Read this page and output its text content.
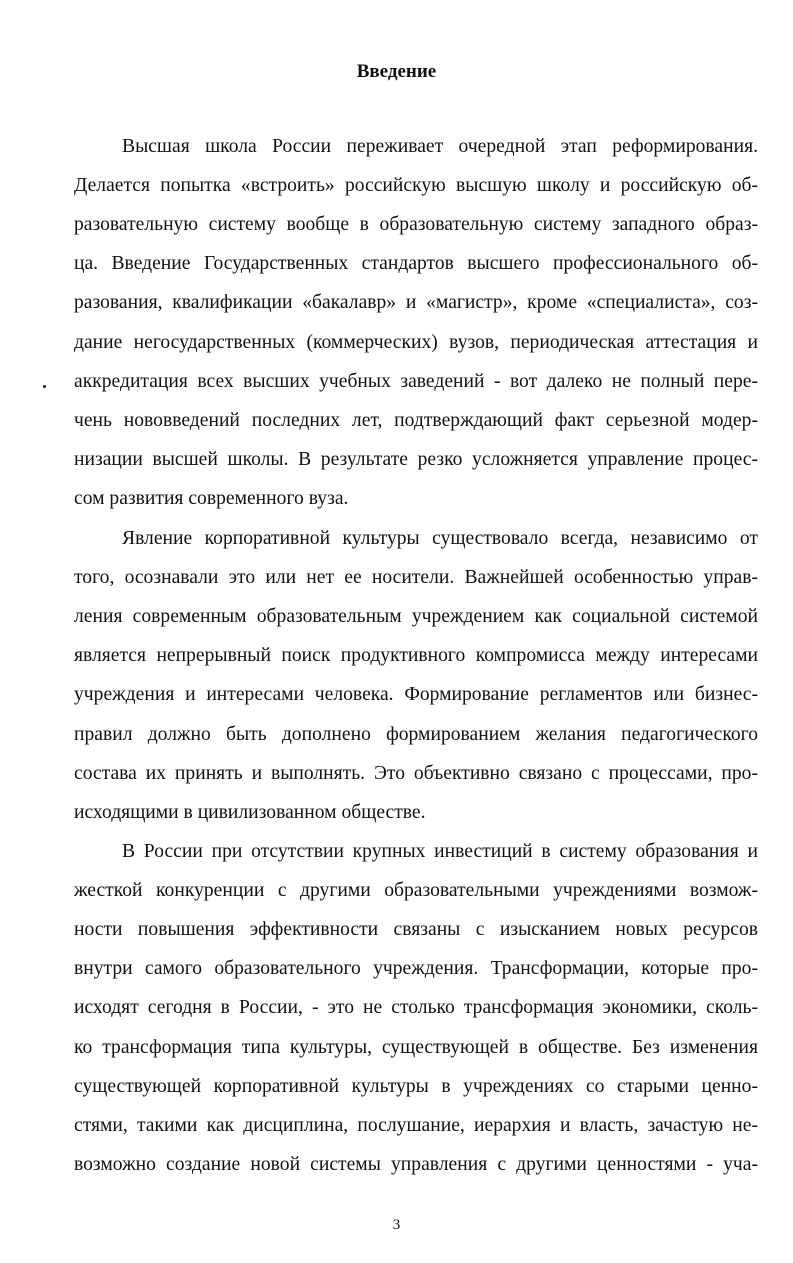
Введение
Высшая школа России переживает очередной этап реформирования.
Делается попытка «встроить» российскую высшую школу и российскую об-
разовательную систему вообще в образовательную систему западного образ-
ца. Введение Государственных стандартов высшего профессионального об-
разования, квалификации «бакалавр» и «магистр», кроме «специалиста», соз-
дание негосударственных (коммерческих) вузов, периодическая аттестация и
аккредитация всех высших учебных заведений - вот далеко не полный пере-
чень нововведений последних лет, подтверждающий факт серьезной модер-
низации высшей школы. В результате резко усложняется управление процес-
сом развития современного вуза.
Явление корпоративной культуры существовало всегда, независимо от
того, осознавали это или нет ее носители. Важнейшей особенностью управ-
ления современным образовательным учреждением как социальной системой
является непрерывный поиск продуктивного компромисса между интересами
учреждения и интересами человека. Формирование регламентов или бизнес-
правил должно быть дополнено формированием желания педагогического
состава их принять и выполнять. Это объективно связано с процессами, про-
исходящими в цивилизованном обществе.
В России при отсутствии крупных инвестиций в систему образования и
жесткой конкуренции с другими образовательными учреждениями возмож-
ности повышения эффективности связаны с изысканием новых ресурсов
внутри самого образовательного учреждения. Трансформации, которые про-
исходят сегодня в России, - это не столько трансформация экономики, сколь-
ко трансформация типа культуры, существующей в обществе. Без изменения
существующей корпоративной культуры в учреждениях со старыми ценно-
стями, такими как дисциплина, послушание, иерархия и власть, зачастую не-
возможно создание новой системы управления с другими ценностями - уча-
3
